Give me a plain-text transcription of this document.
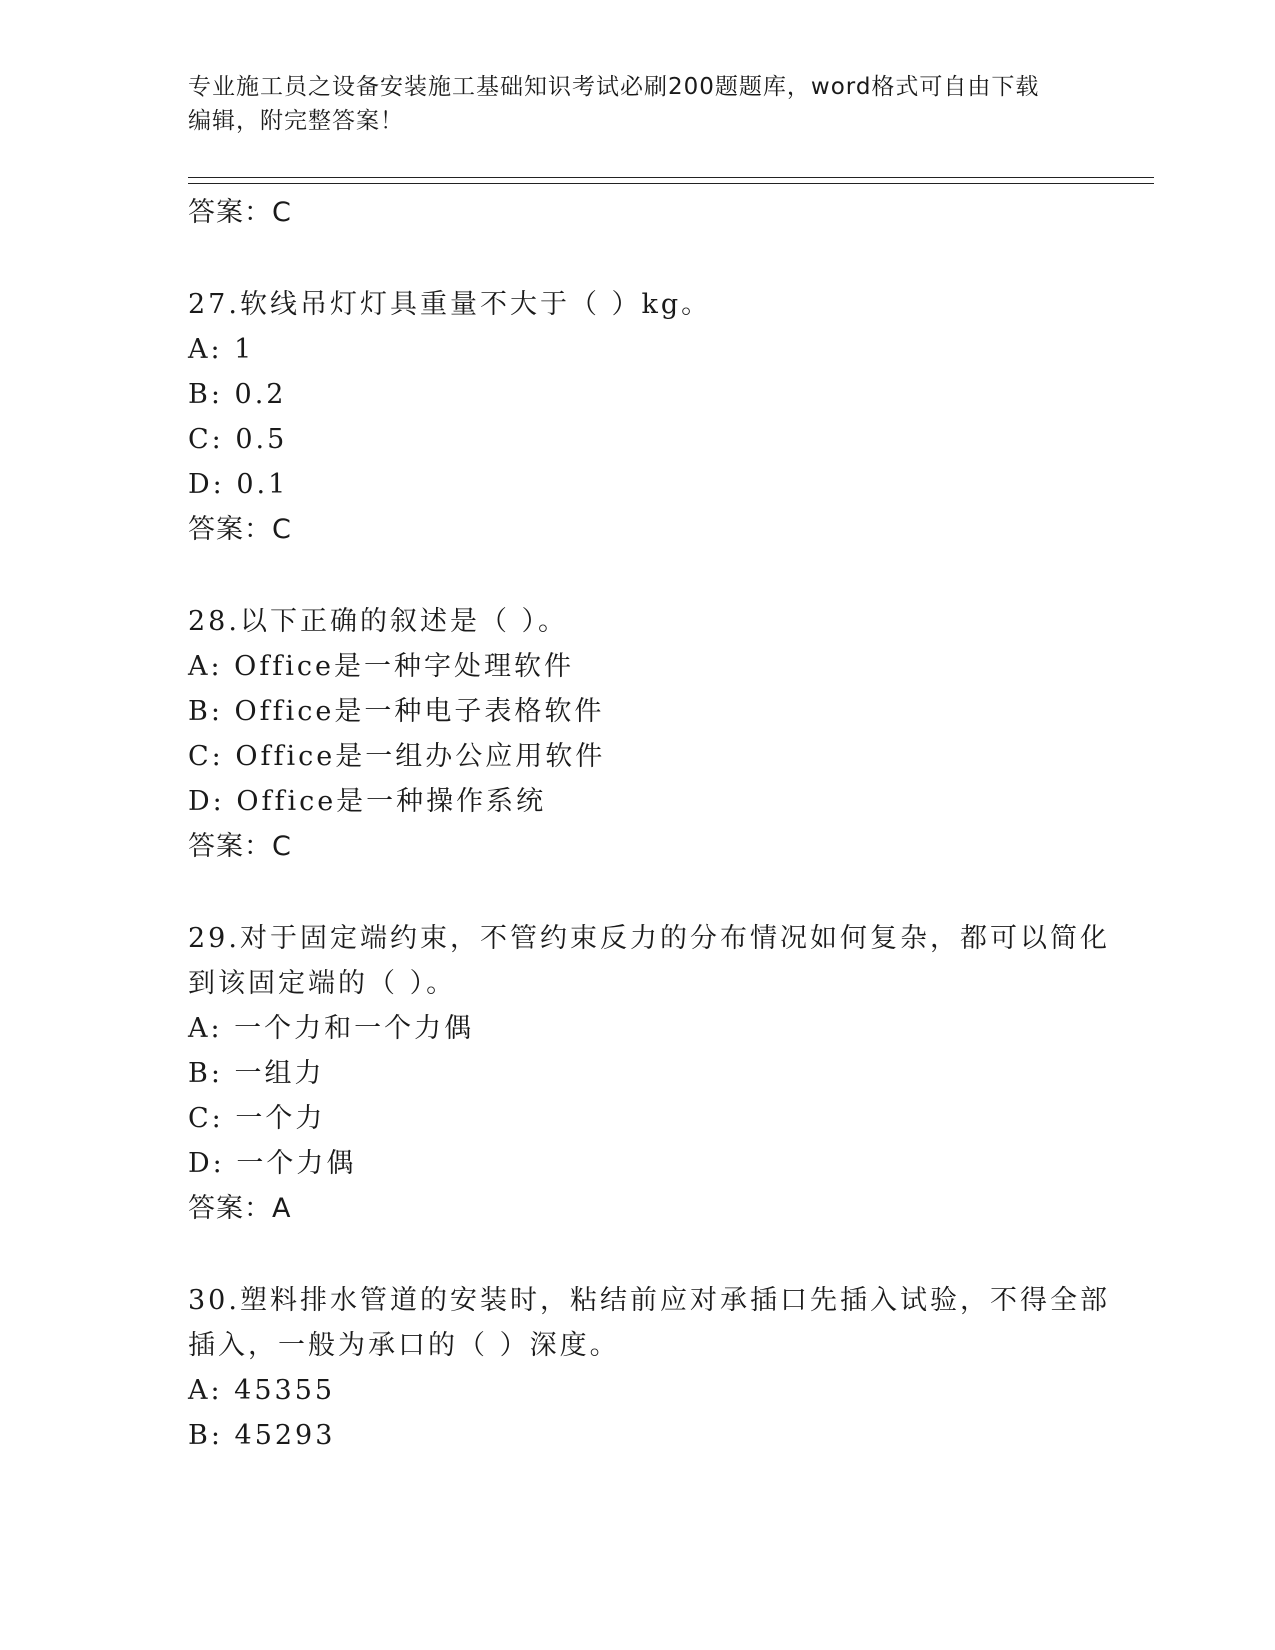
专业施工员之设备安装施工基础知识考试必刷200题题库，word格式可自由下载
编辑，附完整答案！
答案：C
27.软线吊灯灯具重量不大于（ ）kg。
A: 1
B: 0.2
C: 0.5
D: 0.1
答案：C
28.以下正确的叙述是（ ）。
A: Office是一种字处理软件
B: Office是一种电子表格软件
C: Office是一组办公应用软件
D: Office是一种操作系统
答案：C
29.对于固定端约束，不管约束反力的分布情况如何复杂，都可以简化
到该固定端的（ ）。
A: 一个力和一个力偶
B: 一组力
C: 一个力
D: 一个力偶
答案：A
30.塑料排水管道的安装时，粘结前应对承插口先插入试验，不得全部
插入，一般为承口的（ ）深度。
A: 45355
B: 45293
